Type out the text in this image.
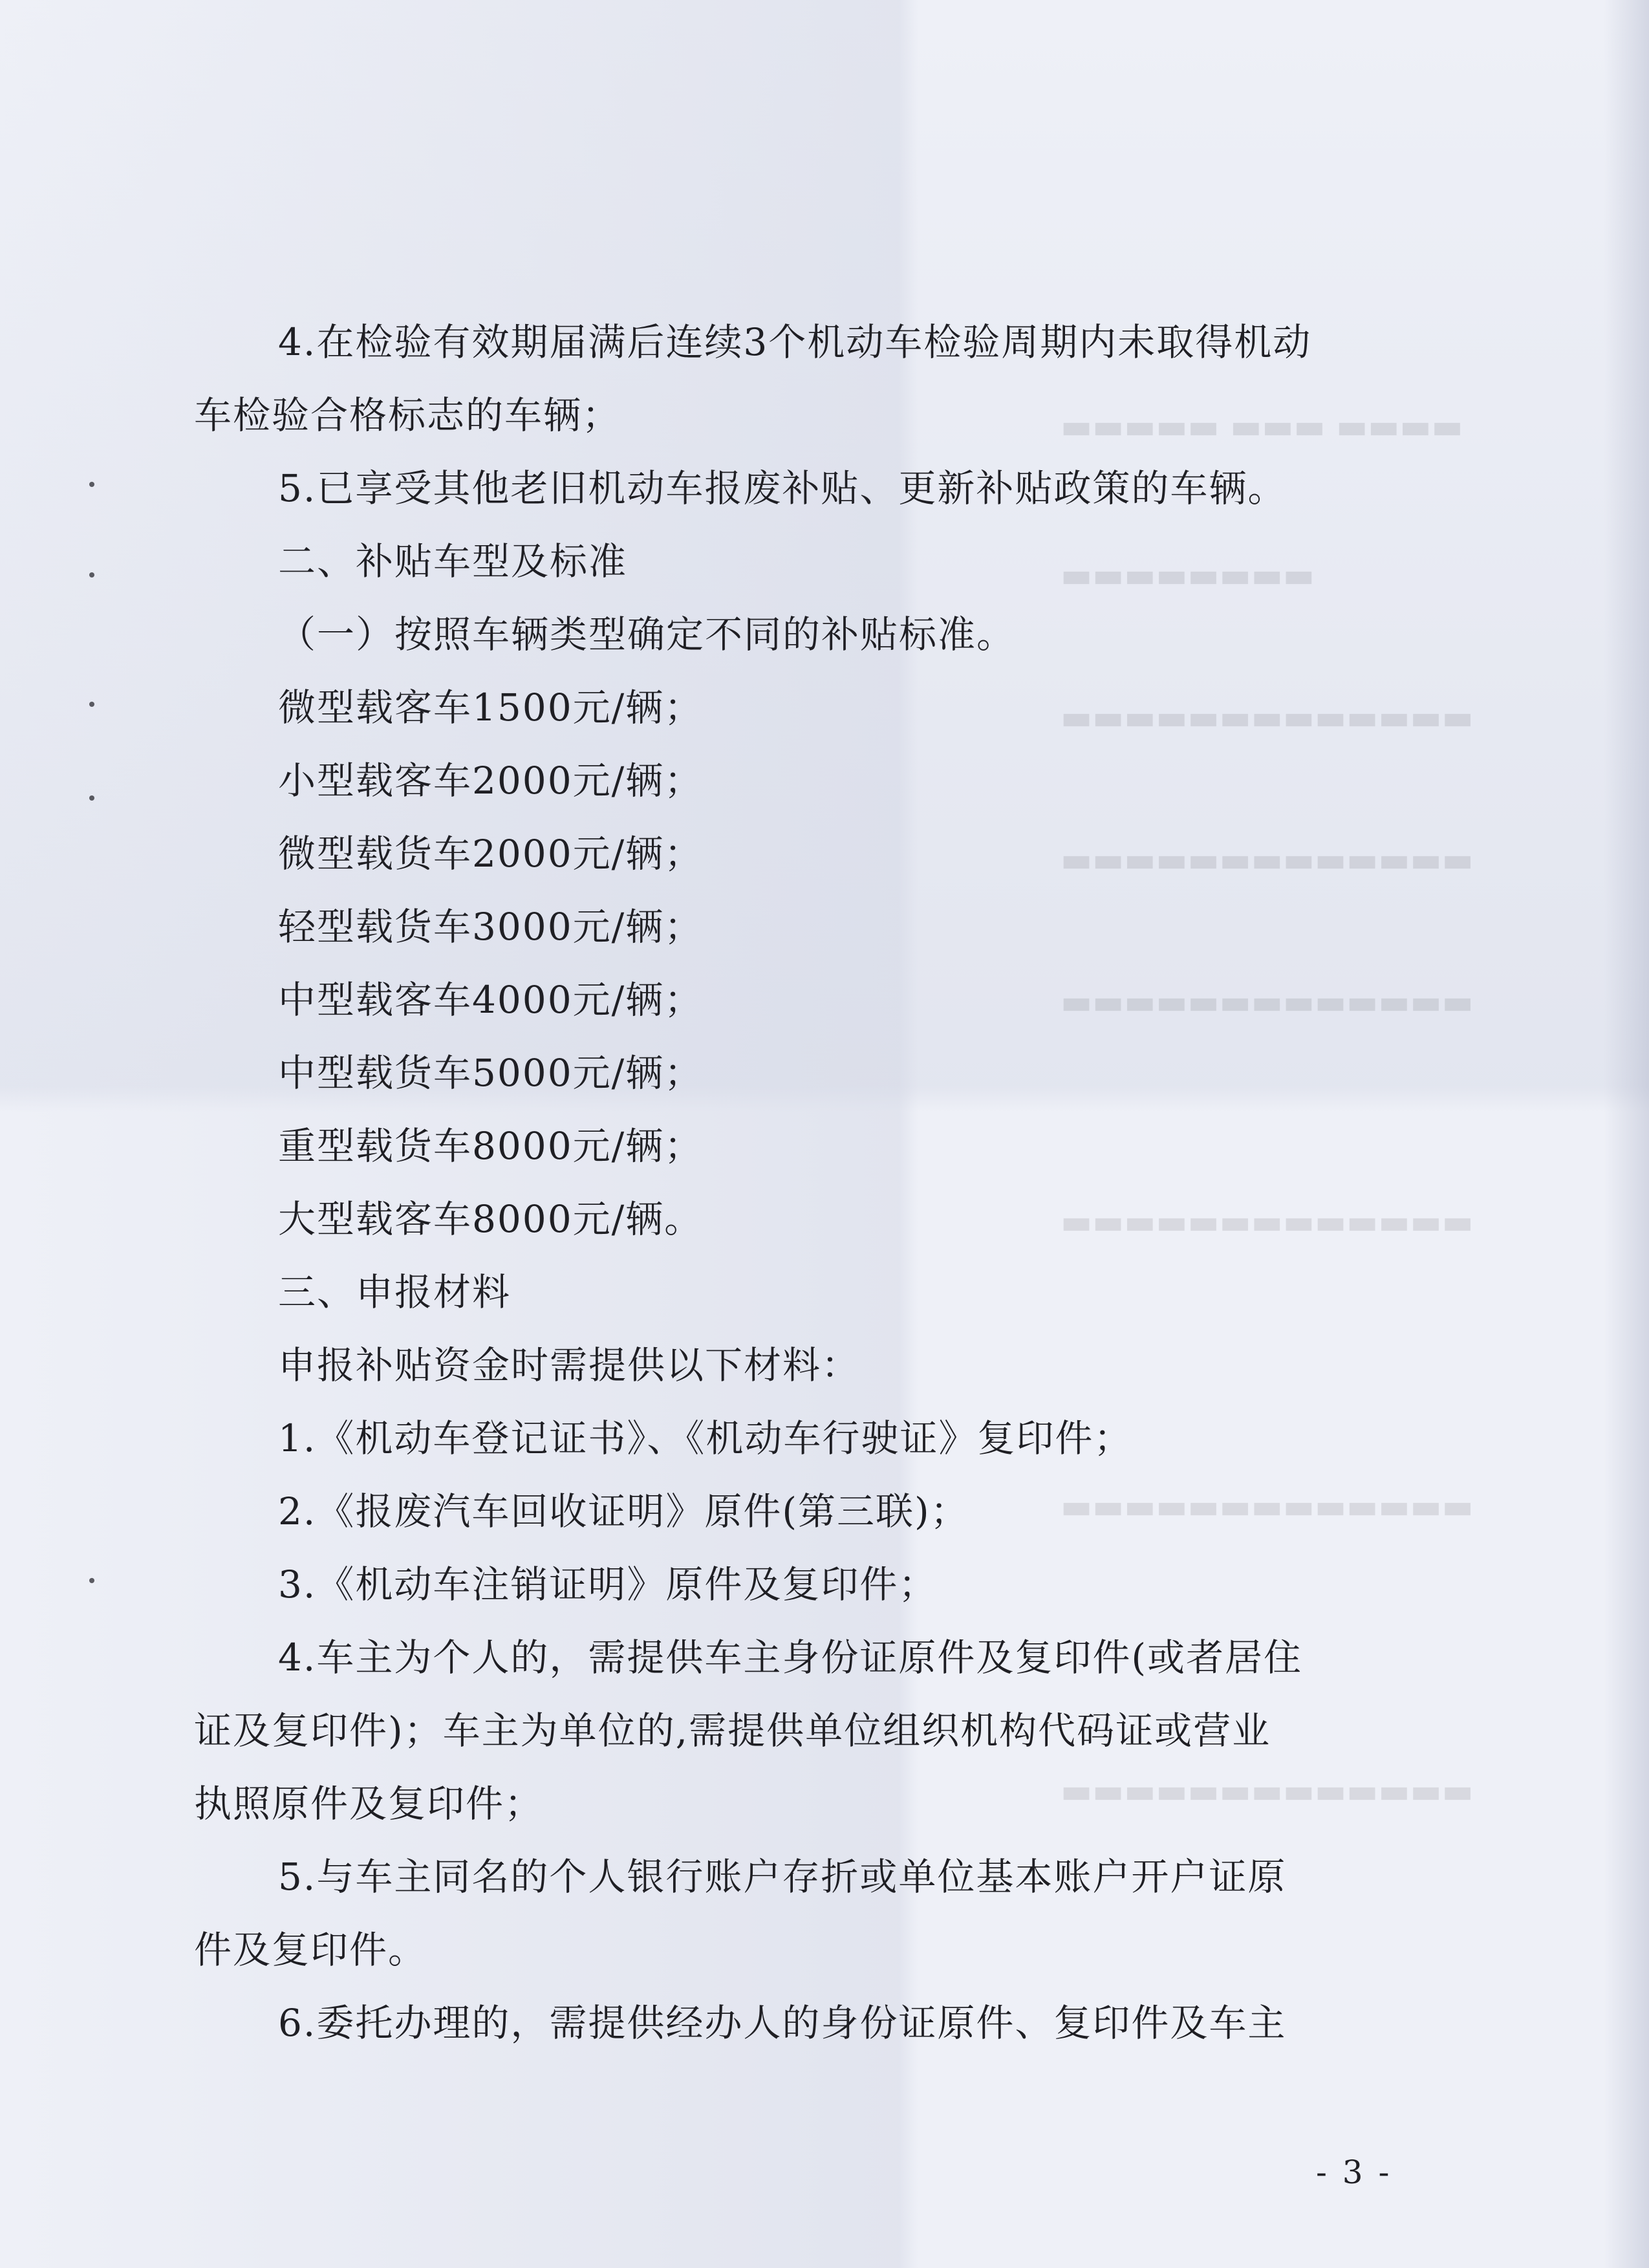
▬▬▬▬ ▬▬▬ ▬▬▬▬▬
▬▬▬▬▬▬▬▬
▬▬▬▬▬▬▬▬▬▬▬▬▬
▬▬▬▬▬▬▬▬▬▬▬▬▬
▬▬▬▬▬▬▬▬▬▬▬▬▬
▬▬▬▬▬▬▬▬▬▬▬▬▬
▬▬▬▬▬▬▬▬▬▬▬▬▬
▬▬▬▬▬▬▬▬▬▬▬▬▬
4.在检验有效期届满后连续3个机动车检验周期内未取得机动
车检验合格标志的车辆；
5.已享受其他老旧机动车报废补贴、更新补贴政策的车辆。
二、补贴车型及标准
（一）按照车辆类型确定不同的补贴标准。
微型载客车1500元/辆；
小型载客车2000元/辆；
微型载货车2000元/辆；
轻型载货车3000元/辆；
中型载客车4000元/辆；
中型载货车5000元/辆；
重型载货车8000元/辆；
大型载客车8000元/辆。
三、申报材料
申报补贴资金时需提供以下材料：
1.《机动车登记证书》、《机动车行驶证》复印件；
2.《报废汽车回收证明》原件(第三联)；
3.《机动车注销证明》原件及复印件；
4.车主为个人的，需提供车主身份证原件及复印件(或者居住
证及复印件)；车主为单位的,需提供单位组织机构代码证或营业
执照原件及复印件；
5.与车主同名的个人银行账户存折或单位基本账户开户证原
件及复印件。
6.委托办理的，需提供经办人的身份证原件、复印件及车主
- 3 -
